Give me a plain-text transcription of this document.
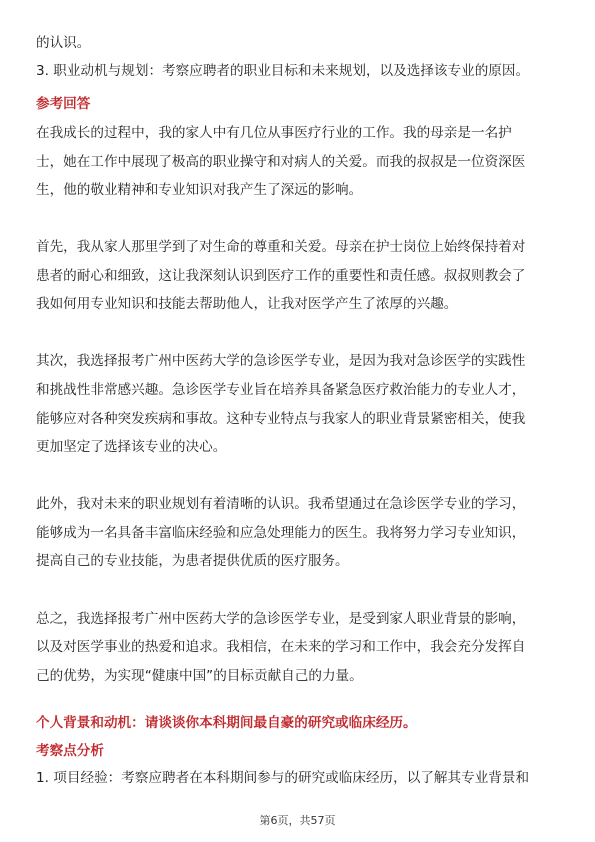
的认识。
3. 职业动机与规划：考察应聘者的职业目标和未来规划，以及选择该专业的原因。
参考回答
在我成长的过程中，我的家人中有几位从事医疗行业的工作。我的母亲是一名护
士，她在工作中展现了极高的职业操守和对病人的关爱。而我的叔叔是一位资深医
生，他的敬业精神和专业知识对我产生了深远的影响。
首先，我从家人那里学到了对生命的尊重和关爱。母亲在护士岗位上始终保持着对
患者的耐心和细致，这让我深刻认识到医疗工作的重要性和责任感。叔叔则教会了
我如何用专业知识和技能去帮助他人，让我对医学产生了浓厚的兴趣。
其次，我选择报考广州中医药大学的急诊医学专业，是因为我对急诊医学的实践性
和挑战性非常感兴趣。急诊医学专业旨在培养具备紧急医疗救治能力的专业人才，
能够应对各种突发疾病和事故。这种专业特点与我家人的职业背景紧密相关，使我
更加坚定了选择该专业的决心。
此外，我对未来的职业规划有着清晰的认识。我希望通过在急诊医学专业的学习，
能够成为一名具备丰富临床经验和应急处理能力的医生。我将努力学习专业知识，
提高自己的专业技能，为患者提供优质的医疗服务。
总之，我选择报考广州中医药大学的急诊医学专业，是受到家人职业背景的影响，
以及对医学事业的热爱和追求。我相信，在未来的学习和工作中，我会充分发挥自
己的优势，为实现“健康中国”的目标贡献自己的力量。
个人背景和动机：请谈谈你本科期间最自豪的研究或临床经历。
考察点分析
1. 项目经验：考察应聘者在本科期间参与的研究或临床经历，以了解其专业背景和
第6页，共57页
